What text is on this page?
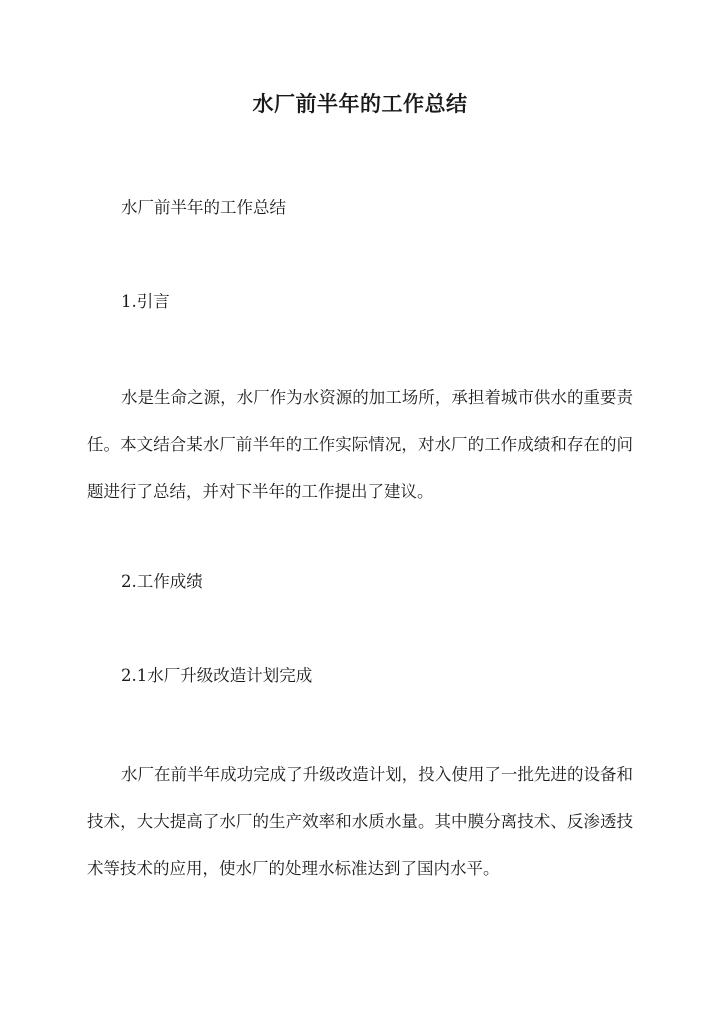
水厂前半年的工作总结

水厂前半年的工作总结

1.引言

水是生命之源，水厂作为水资源的加工场所，承担着城市供水的重要责任。本文结合某水厂前半年的工作实际情况，对水厂的工作成绩和存在的问题进行了总结，并对下半年的工作提出了建议。

2.工作成绩

2.1水厂升级改造计划完成

水厂在前半年成功完成了升级改造计划，投入使用了一批先进的设备和技术，大大提高了水厂的生产效率和水质水量。其中膜分离技术、反渗透技术等技术的应用，使水厂的处理水标准达到了国内水平。
